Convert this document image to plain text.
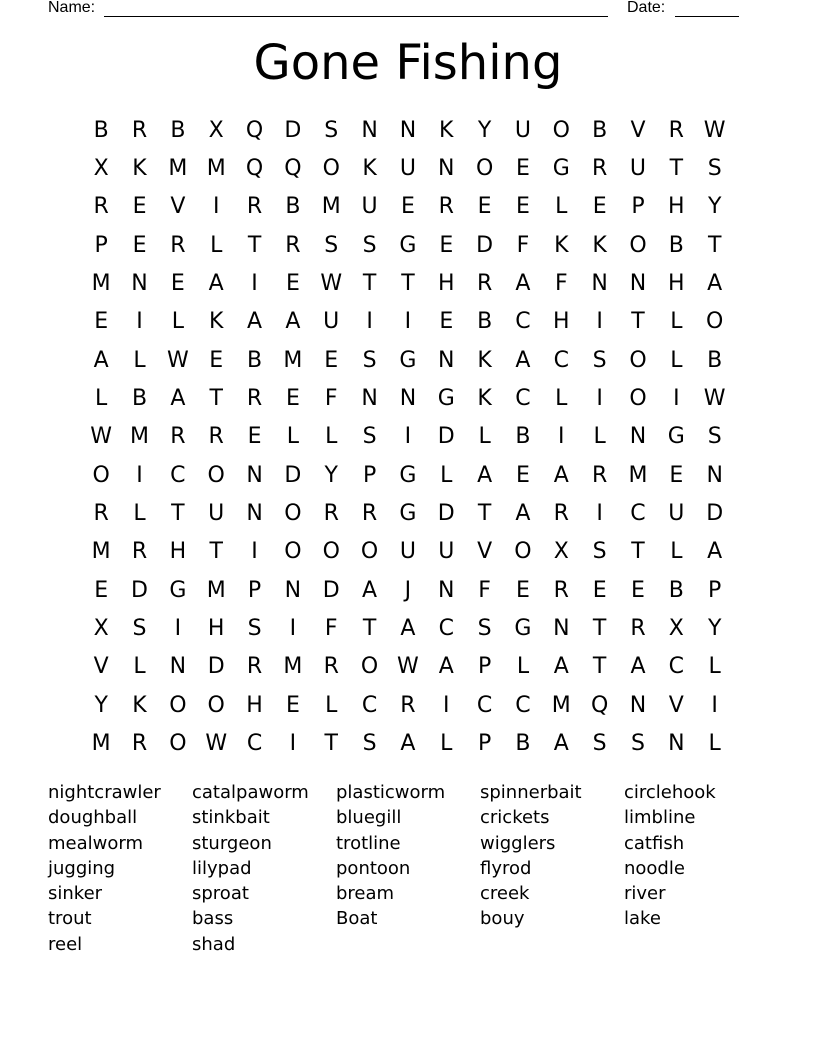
Name:	Date:
Gone Fishing
B	R	B	X	Q D	S	N N	K	Y	U O	B	V	R W
X	K M M Q Q O	K	U	N O	E	G	R	U	T	S
R	E	V	I	R	B M U	E	R	E	E	L	E	P	H	Y
P	E	R	L	T	R	S	S	G	E	D	F	K	K	O	B	T
M N	E	A	I	E W T	T	H	R	A	F	N N H	A
E	I	L	K	A	A	U	I	I	E	B	C	H	I	T	L	O
A	L W E	B M E	S	G N	K	A	C	S	O	L	B
L	B	A	T	R	E	F	N N G	K	C	L	I	O	I	W
W M R	R	E	L	L	S	I	D	L	B	I	L	N G	S
O	I	C O N D	Y	P	G	L	A	E	A	R M E	N
R	L	T	U	N O	R	R	G D	T	A	R	I	C	U D
M R	H	T	I	O O O U	U	V	O	X	S	T	L	A
E	D G M	P	N D	A	J	N	F	E	R	E	E	B	P
X	S	I	H	S	I	F	T	A	C	S	G N	T	R	X	Y
V	L	N D	R M R	O W A	P	L	A	T	A	C	L
Y	K	O O H	E	L	C	R	I	C	C M Q N	V	I
M R	O W C	I	T	S	A	L	P	B	A	S	S	N	L
nightcrawler
doughball
mealworm
jugging
sinker
trout
reel
catalpaworm
stinkbait
sturgeon
lilypad
sproat
bass
shad
plasticworm
bluegill
trotline
pontoon
bream
Boat
spinnerbait
crickets
wigglers
flyrod
creek
bouy
circlehook
limbline
catfish
noodle
river
lake
